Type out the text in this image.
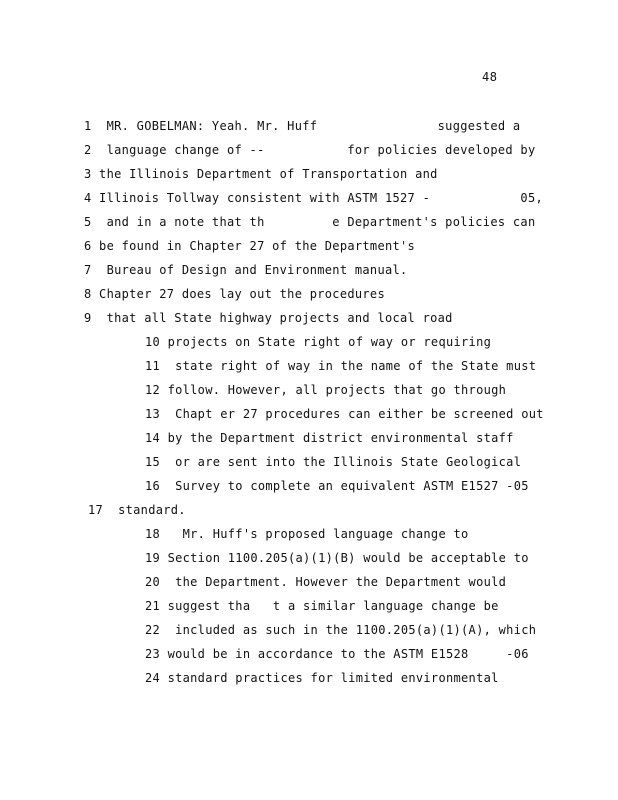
48
1  MR. GOBELMAN: Yeah. Mr. Huff                suggested a
2  language change of --           for policies developed by
3 the Illinois Department of Transportation and
4 Illinois Tollway consistent with ASTM 1527 -            05,
5  and in a note that th         e Department's policies can
6 be found in Chapter 27 of the Department's
7  Bureau of Design and Environment manual.
8 Chapter 27 does lay out the procedures
9  that all State highway projects and local road
10 projects on State right of way or requiring
11  state right of way in the name of the State must
12 follow. However, all projects that go through
13  Chapt er 27 procedures can either be screened out
14 by the Department district environmental staff
15  or are sent into the Illinois State Geological
16  Survey to complete an equivalent ASTM E1527 -05
17  standard.
18   Mr. Huff's proposed language change to
19 Section 1100.205(a)(1)(B) would be acceptable to
20  the Department. However the Department would
21 suggest tha   t a similar language change be
22  included as such in the 1100.205(a)(1)(A), which
23 would be in accordance to the ASTM E1528     -06
24 standard practices for limited environmental
